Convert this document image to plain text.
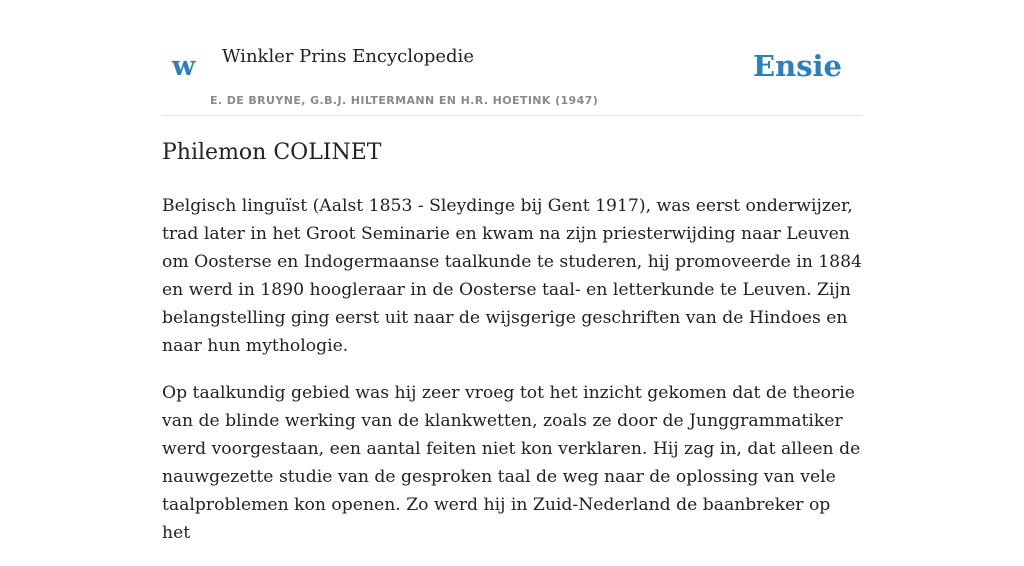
w Winkler Prins Encyclopedie
E. DE BRUYNE, G.B.J. HILTERMANN EN H.R. HOETINK (1947)
Ensie
Philemon COLINET

Belgisch linguïst (Aalst 1853 - Sleydinge bij Gent 1917), was eerst onderwijzer, trad later in het Groot Seminarie en kwam na zijn priesterwijding naar Leuven om Oosterse en Indogermaanse taalkunde te studeren, hij promoveerde in 1884 en werd in 1890 hoogleraar in de Oosterse taal- en letterkunde te Leuven. Zijn belangstelling ging eerst uit naar de wijsgerige geschriften van de Hindoes en naar hun mythologie.

Op taalkundig gebied was hij zeer vroeg tot het inzicht gekomen dat de theorie van de blinde werking van de klankwetten, zoals ze door de Junggrammatiker werd voorgestaan, een aantal feiten niet kon verklaren. Hij zag in, dat alleen de nauwgezette studie van de gesproken taal de weg naar de oplossing van vele taalproblemen kon openen. Zo werd hij in Zuid-Nederland de baanbreker op het
